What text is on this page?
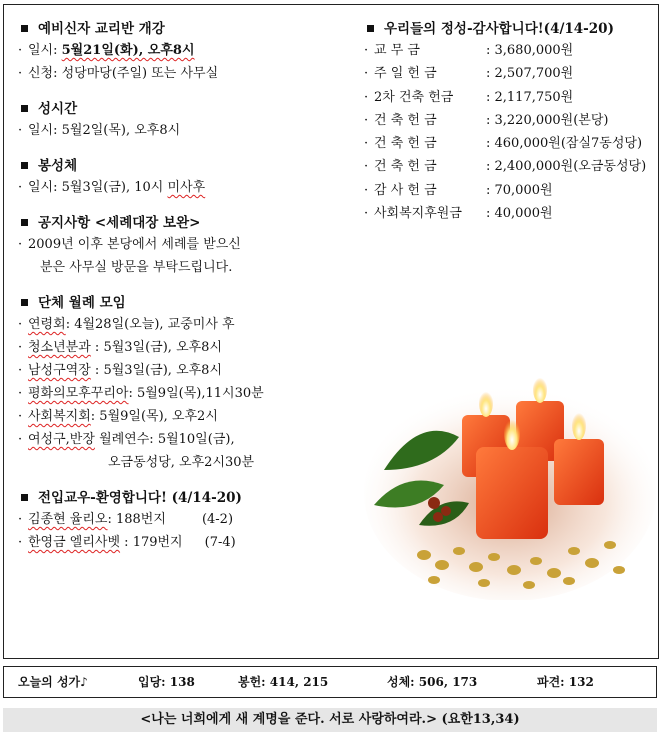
예비신자 교리반 개강
· 일시: 5월21일(화), 오후8시
· 신청: 성당마당(주일) 또는 사무실
성시간
· 일시: 5월2일(목), 오후8시
봉성체
· 일시: 5월3일(금), 10시 미사후
공지사항 <세례대장 보완>
· 2009년 이후 본당에서 세례를 받으신
분은 사무실 방문을 부탁드립니다.
단체 월례 모임
· 연령회: 4월28일(오늘), 교중미사 후
· 청소년분과 : 5월3일(금), 오후8시
· 남성구역장 : 5월3일(금), 오후8시
· 평화의모후꾸리아: 5월9일(목),11시30분
· 사회복지회: 5월9일(목), 오후2시
· 여성구,반장 월례연수: 5월10일(금),
오금동성당, 오후2시30분
전입교우-환영합니다! (4/14-20)
· 김종현 율리오: 188번지	(4-2)
· 한영금 엘리사벳 : 179번지 (7-4)
우리들의 정성-감사합니다!(4/14-20)
· 교 무 금	: 3,680,000원
· 주 일 헌 금	: 2,507,700원
· 2차 건축 헌금	: 2,117,750원
· 건 축 헌 금	: 3,220,000원(본당)
· 건 축 헌 금	: 460,000원(잠실7동성당)
· 건 축 헌 금	: 2,400,000원(오금동성당)
· 감 사 헌 금	: 70,000원
· 사회복지후원금 : 40,000원
오늘의 성가♪	입당: 138	봉헌: 414, 215	성체: 506, 173	파견: 132
<나는 너희에게 새 계명을 준다. 서로 사랑하여라.> (요한13,34)
